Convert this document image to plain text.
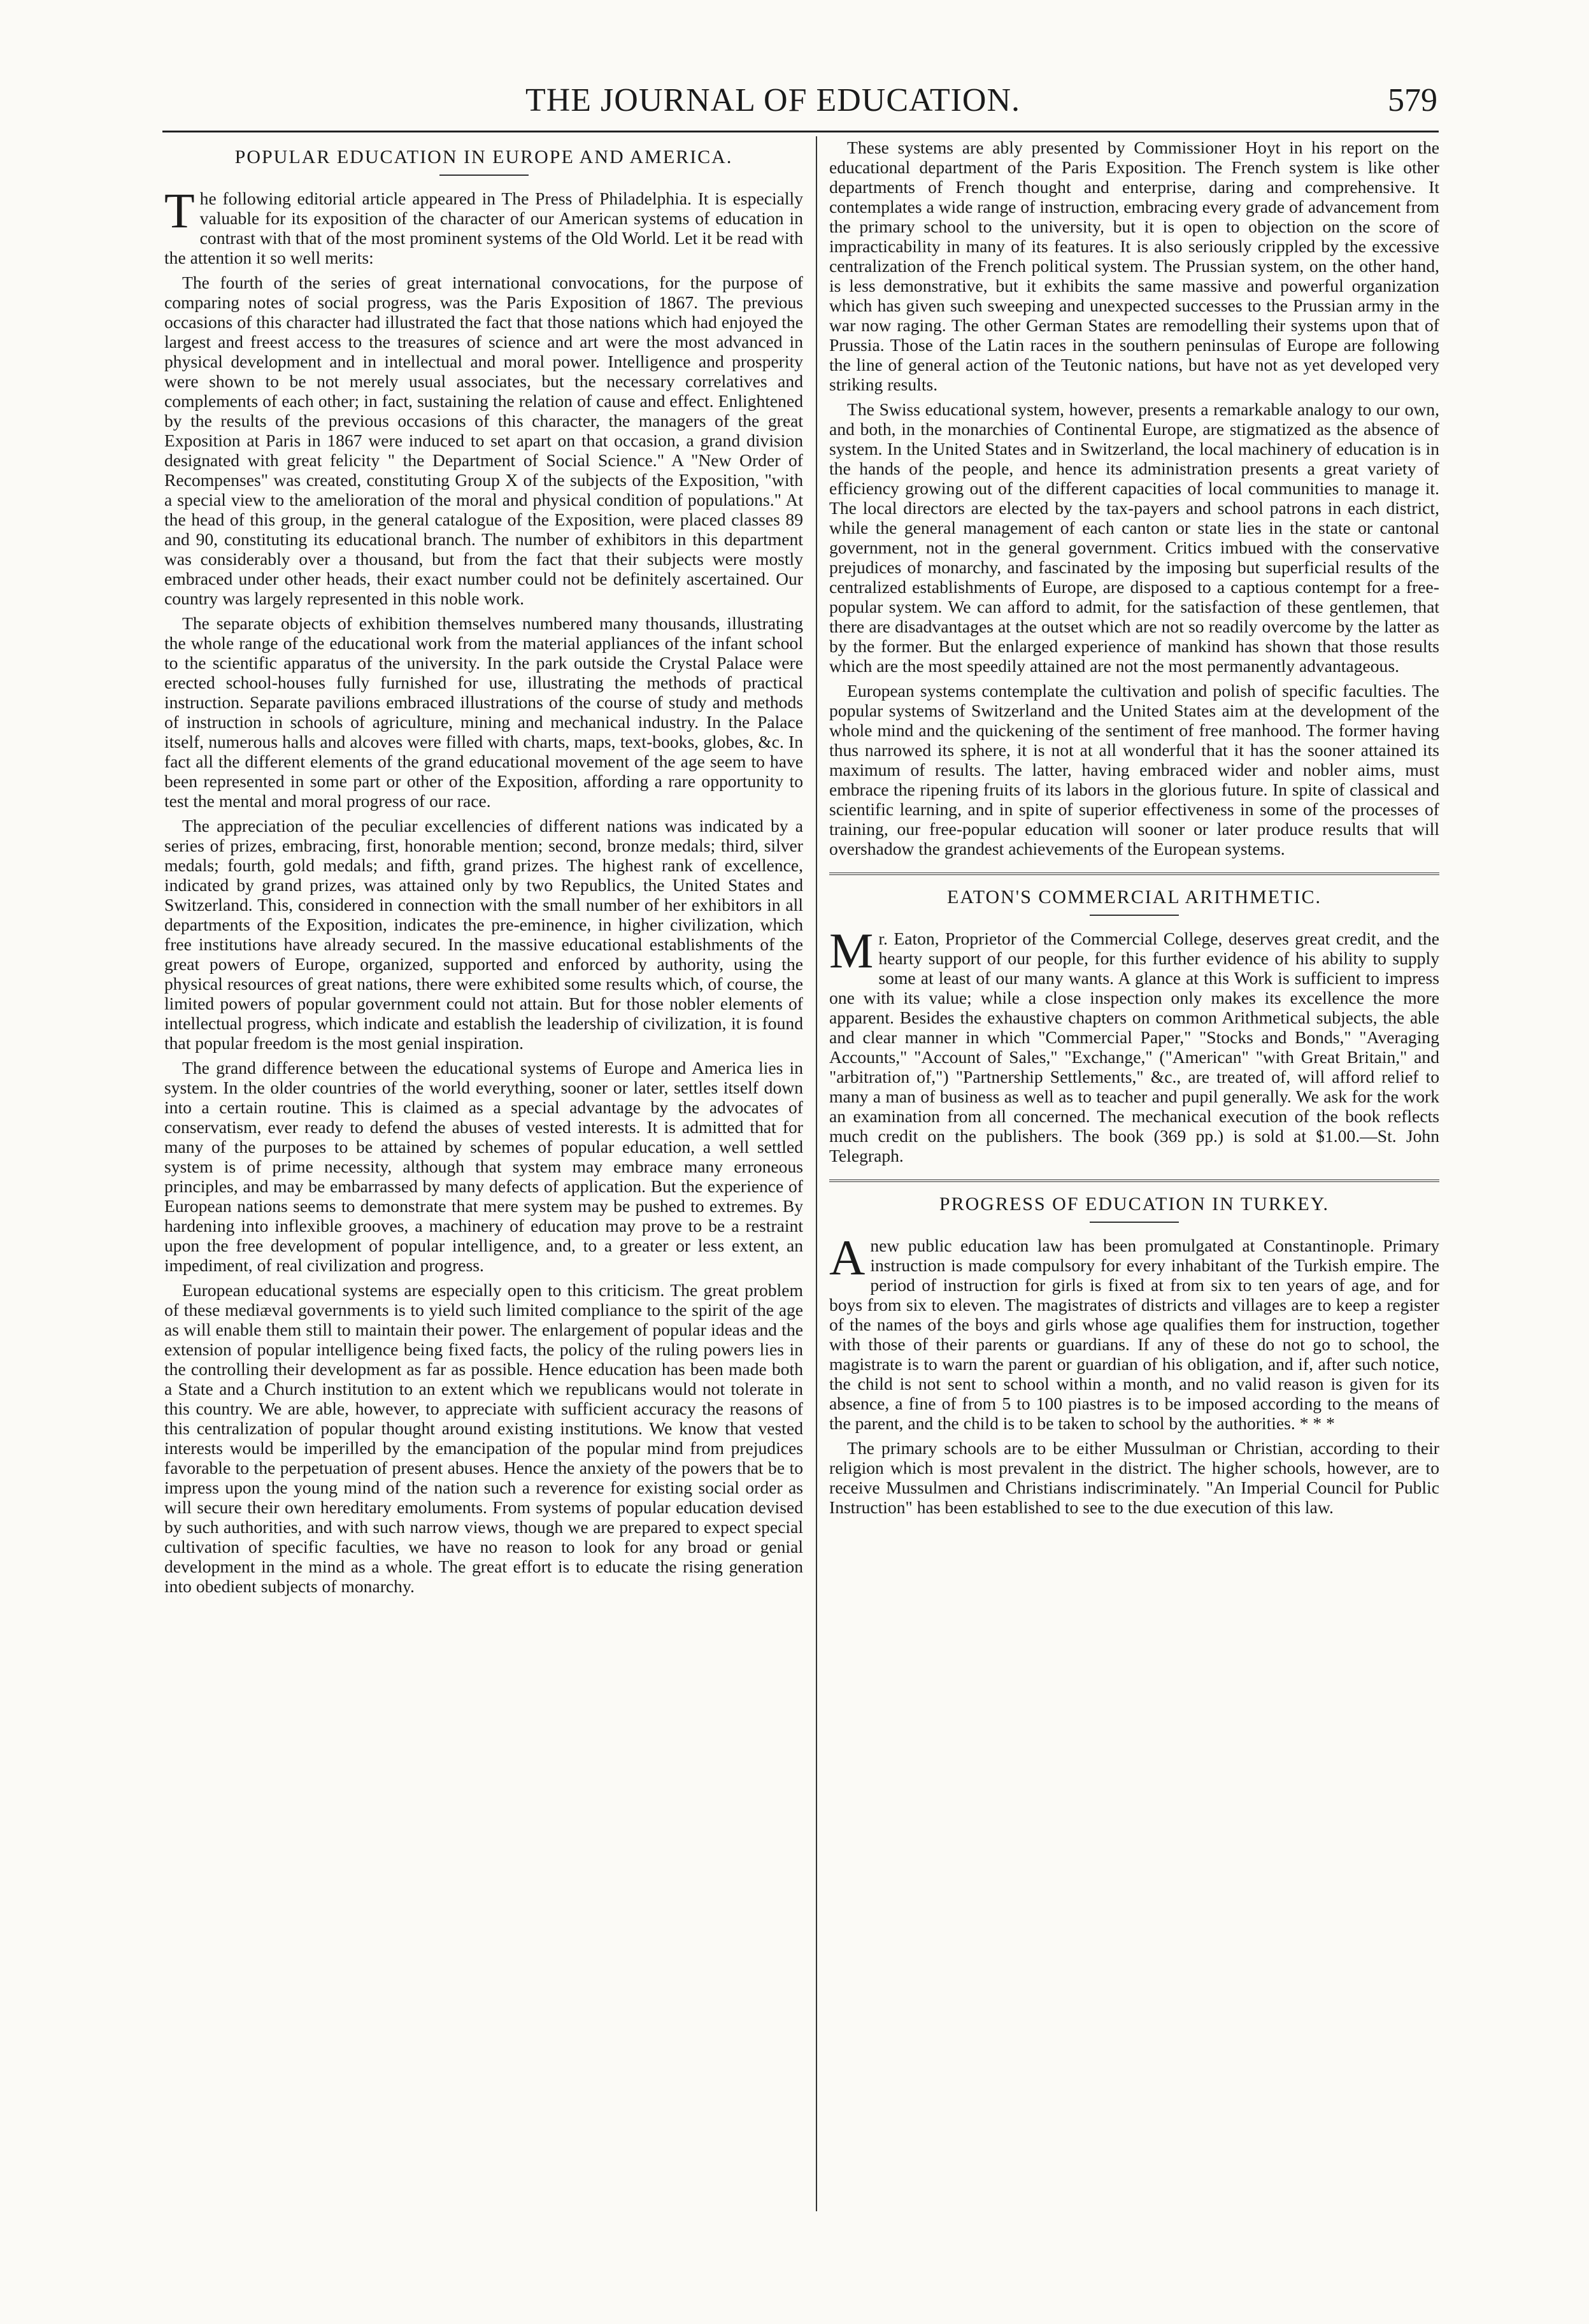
THE JOURNAL OF EDUCATION.	579
POPULAR EDUCATION IN EUROPE AND AMERICA.

The following editorial article appeared in The Press of Philadelphia. It is especially valuable for its exposition of the character of our American systems of education in contrast with that of the most prominent systems of the Old World. Let it be read with the attention it so well merits:

The fourth of the series of great international convocations, for the purpose of comparing notes of social progress, was the Paris Exposition of 1867. The previous occasions of this character had illustrated the fact that those nations which had enjoyed the largest and freest access to the treasures of science and art were the most advanced in physical development and in intellectual and moral power. Intelligence and prosperity were shown to be not merely usual associates, but the necessary correlatives and complements of each other; in fact, sustaining the relation of cause and effect. Enlightened by the results of the previous occasions of this character, the managers of the great Exposition at Paris in 1867 were induced to set apart on that occasion, a grand division designated with great felicity " the Department of Social Science." A "New Order of Recompenses" was created, constituting Group X of the subjects of the Exposition, "with a special view to the amelioration of the moral and physical condition of populations." At the head of this group, in the general catalogue of the Exposition, were placed classes 89 and 90, constituting its educational branch. The number of exhibitors in this department was considerably over a thousand, but from the fact that their subjects were mostly embraced under other heads, their exact number could not be definitely ascertained. Our country was largely represented in this noble work.

The separate objects of exhibition themselves numbered many thousands, illustrating the whole range of the educational work from the material appliances of the infant school to the scientific apparatus of the university. In the park outside the Crystal Palace were erected school-houses fully furnished for use, illustrating the methods of practical instruction. Separate pavilions embraced illustrations of the course of study and methods of instruction in schools of agriculture, mining and mechanical industry. In the Palace itself, numerous halls and alcoves were filled with charts, maps, text-books, globes, &c. In fact all the different elements of the grand educational movement of the age seem to have been represented in some part or other of the Exposition, affording a rare opportunity to test the mental and moral progress of our race.

The appreciation of the peculiar excellencies of different nations was indicated by a series of prizes, embracing, first, honorable mention; second, bronze medals; third, silver medals; fourth, gold medals; and fifth, grand prizes. The highest rank of excellence, indicated by grand prizes, was attained only by two Republics, the United States and Switzerland. This, considered in connection with the small number of her exhibitors in all departments of the Exposition, indicates the pre-eminence, in higher civilization, which free institutions have already secured. In the massive educational establishments of the great powers of Europe, organized, supported and enforced by authority, using the physical resources of great nations, there were exhibited some results which, of course, the limited powers of popular government could not attain. But for those nobler elements of intellectual progress, which indicate and establish the leadership of civilization, it is found that popular freedom is the most genial inspiration.

The grand difference between the educational systems of Europe and America lies in system. In the older countries of the world everything, sooner or later, settles itself down into a certain routine. This is claimed as a special advantage by the advocates of conservatism, ever ready to defend the abuses of vested interests. It is admitted that for many of the purposes to be attained by schemes of popular education, a well settled system is of prime necessity, although that system may embrace many erroneous principles, and may be embarrassed by many defects of application. But the experience of European nations seems to demonstrate that mere system may be pushed to extremes. By hardening into inflexible grooves, a machinery of education may prove to be a restraint upon the free development of popular intelligence, and, to a greater or less extent, an impediment, of real civilization and progress.

European educational systems are especially open to this criticism. The great problem of these mediæval governments is to yield such limited compliance to the spirit of the age as will enable them still to maintain their power. The enlargement of popular ideas and the extension of popular intelligence being fixed facts, the policy of the ruling powers lies in the controlling their development as far as possible. Hence education has been made both a State and a Church institution to an extent which we republicans would not tolerate in this country. We are able, however, to appreciate with sufficient accuracy the reasons of this centralization of popular thought around existing institutions. We know that vested interests would be imperilled by the emancipation of the popular mind from prejudices favorable to the perpetuation of present abuses. Hence the anxiety of the powers that be to impress upon the young mind of the nation such a reverence for existing social order as will secure their own hereditary emoluments. From systems of popular education devised by such authorities, and with such narrow views, though we are prepared to expect special cultivation of specific faculties, we have no reason to look for any broad or genial development in the mind as a whole. The great effort is to educate the rising generation into obedient subjects of monarchy.

These systems are ably presented by Commissioner Hoyt in his report on the educational department of the Paris Exposition. The French system is like other departments of French thought and enterprise, daring and comprehensive. It contemplates a wide range of instruction, embracing every grade of advancement from the primary school to the university, but it is open to objection on the score of impracticability in many of its features. It is also seriously crippled by the excessive centralization of the French political system. The Prussian system, on the other hand, is less demonstrative, but it exhibits the same massive and powerful organization which has given such sweeping and unexpected successes to the Prussian army in the war now raging. The other German States are remodelling their systems upon that of Prussia. Those of the Latin races in the southern peninsulas of Europe are following the line of general action of the Teutonic nations, but have not as yet developed very striking results.

The Swiss educational system, however, presents a remarkable analogy to our own, and both, in the monarchies of Continental Europe, are stigmatized as the absence of system. In the United States and in Switzerland, the local machinery of education is in the hands of the people, and hence its administration presents a great variety of efficiency growing out of the different capacities of local communities to manage it. The local directors are elected by the tax-payers and school patrons in each district, while the general management of each canton or state lies in the state or cantonal government, not in the general government. Critics imbued with the conservative prejudices of monarchy, and fascinated by the imposing but superficial results of the centralized establishments of Europe, are disposed to a captious contempt for a free-popular system. We can afford to admit, for the satisfaction of these gentlemen, that there are disadvantages at the outset which are not so readily overcome by the latter as by the former. But the enlarged experience of mankind has shown that those results which are the most speedily attained are not the most permanently advantageous.

European systems contemplate the cultivation and polish of specific faculties. The popular systems of Switzerland and the United States aim at the development of the whole mind and the quickening of the sentiment of free manhood. The former having thus narrowed its sphere, it is not at all wonderful that it has the sooner attained its maximum of results. The latter, having embraced wider and nobler aims, must embrace the ripening fruits of its labors in the glorious future. In spite of classical and scientific learning, and in spite of superior effectiveness in some of the processes of training, our free-popular education will sooner or later produce results that will overshadow the grandest achievements of the European systems.

EATON'S COMMERCIAL ARITHMETIC.

Mr. Eaton, Proprietor of the Commercial College, deserves great credit, and the hearty support of our people, for this further evidence of his ability to supply some at least of our many wants. A glance at this Work is sufficient to impress one with its value; while a close inspection only makes its excellence the more apparent. Besides the exhaustive chapters on common Arithmetical subjects, the able and clear manner in which "Commercial Paper," "Stocks and Bonds," "Averaging Accounts," "Account of Sales," "Exchange," ("American" "with Great Britain," and "arbitration of,") "Partnership Settlements," &c., are treated of, will afford relief to many a man of business as well as to teacher and pupil generally. We ask for the work an examination from all concerned. The mechanical execution of the book reflects much credit on the publishers. The book (369 pp.) is sold at $1.00.—St. John Telegraph.

PROGRESS OF EDUCATION IN TURKEY.

Anew public education law has been promulgated at Constantinople. Primary instruction is made compulsory for every inhabitant of the Turkish empire. The period of instruction for girls is fixed at from six to ten years of age, and for boys from six to eleven. The magistrates of districts and villages are to keep a register of the names of the boys and girls whose age qualifies them for instruction, together with those of their parents or guardians. If any of these do not go to school, the magistrate is to warn the parent or guardian of his obligation, and if, after such notice, the child is not sent to school within a month, and no valid reason is given for its absence, a fine of from 5 to 100 piastres is to be imposed according to the means of the parent, and the child is to be taken to school by the authorities. * * *

The primary schools are to be either Mussulman or Christian, according to their religion which is most prevalent in the district. The higher schools, however, are to receive Mussulmen and Christians indiscriminately. "An Imperial Council for Public Instruction" has been established to see to the due execution of this law.
